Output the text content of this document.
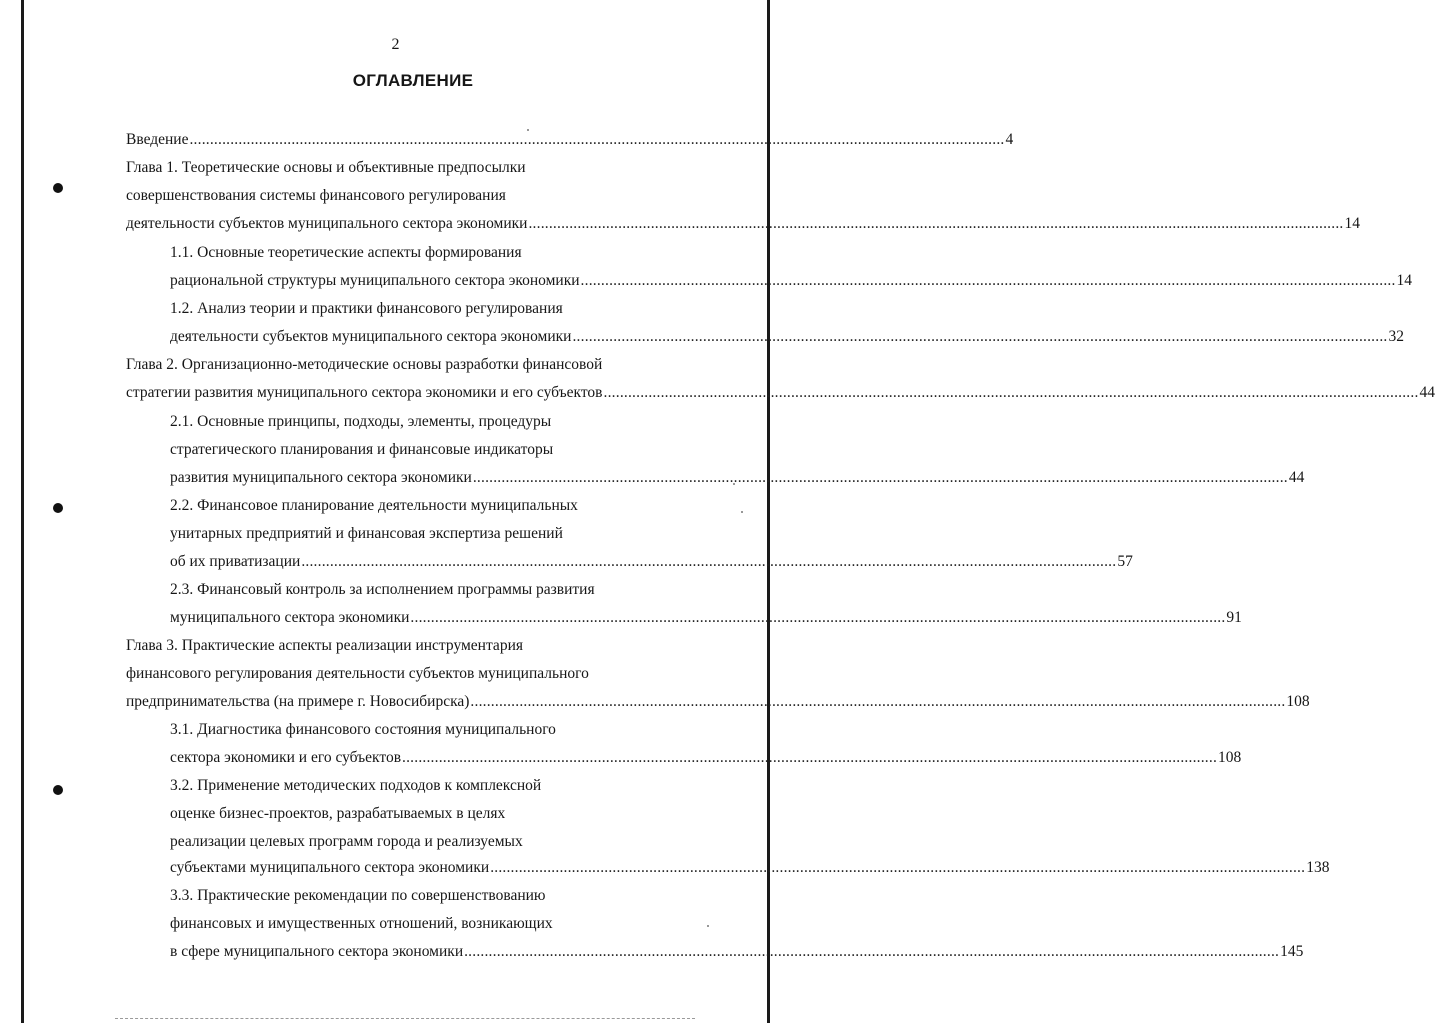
2
ОГЛАВЛЕНИЕ
Введение ........................................................................................................................................................................................................ 4
Глава 1. Теоретические основы и объективные предпосылки
совершенствования системы финансового регулирования
деятельности субъектов муниципального сектора экономики ........................................................................................................................................................................................................ 14
1.1. Основные теоретические аспекты формирования
рациональной структуры муниципального сектора экономики ........................................................................................................................................................................................................ 14
1.2. Анализ теории и практики финансового регулирования
деятельности субъектов муниципального сектора экономики ........................................................................................................................................................................................................ 32
Глава 2. Организационно-методические основы разработки финансовой
стратегии развития муниципального сектора экономики и его субъектов ........................................................................................................................................................................................................ 44
2.1. Основные принципы, подходы, элементы, процедуры
стратегического планирования и финансовые индикаторы
развития муниципального сектора экономики ........................................................................................................................................................................................................ 44
2.2. Финансовое планирование деятельности муниципальных
унитарных предприятий и финансовая экспертиза решений
об их приватизации ........................................................................................................................................................................................................ 57
2.3. Финансовый контроль за исполнением программы развития
муниципального сектора экономики ........................................................................................................................................................................................................ 91
Глава 3. Практические аспекты реализации инструментария
финансового регулирования деятельности субъектов муниципального
предпринимательства (на примере г. Новосибирска) ........................................................................................................................................................................................................ 108
3.1. Диагностика финансового состояния муниципального
сектора экономики и его субъектов ........................................................................................................................................................................................................ 108
3.2. Применение методических подходов к комплексной
оценке бизнес-проектов, разрабатываемых в целях
реализации целевых программ города и реализуемых
субъектами муниципального сектора экономики ........................................................................................................................................................................................................ 138
3.3. Практические рекомендации по совершенствованию
финансовых и имущественных отношений, возникающих
в сфере муниципального сектора экономики ........................................................................................................................................................................................................ 145
